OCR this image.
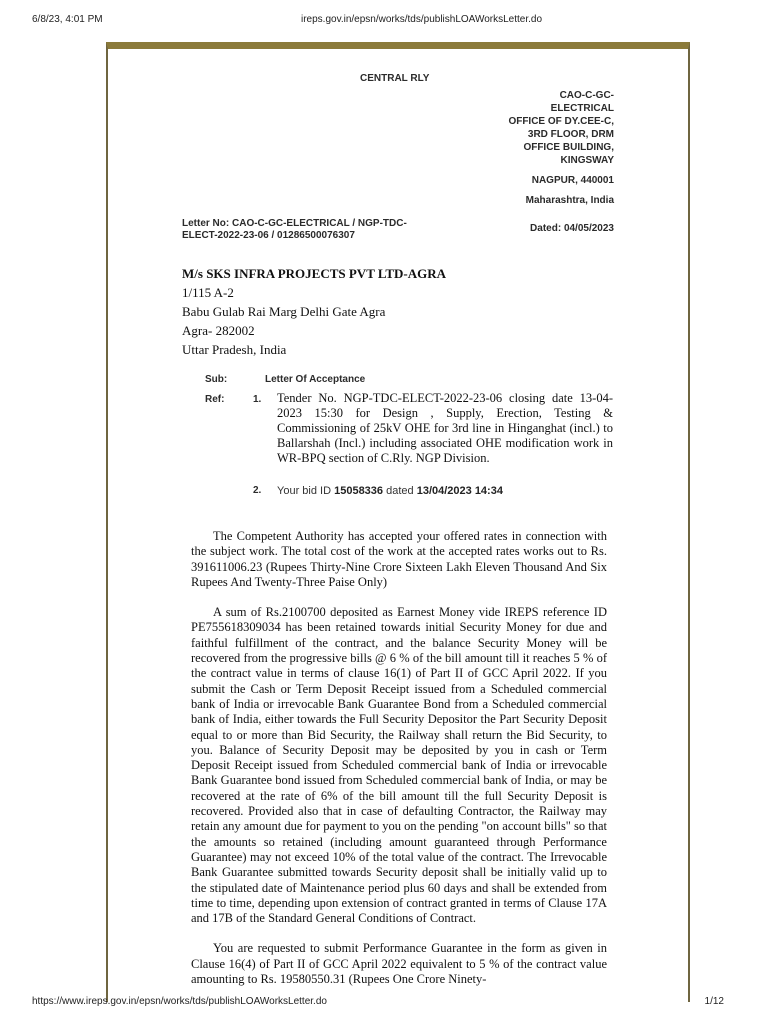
6/8/23, 4:01 PM	ireps.gov.in/epsn/works/tds/publishLOAWorksLetter.do
CENTRAL RLY
CAO-C-GC-
ELECTRICAL
OFFICE OF DY.CEE-C,
3RD FLOOR, DRM
OFFICE BUILDING,
KINGSWAY
NAGPUR, 440001
Maharashtra, India
Letter No: CAO-C-GC-ELECTRICAL / NGP-TDC-
ELECT-2022-23-06 / 01286500076307
Dated: 04/05/2023
M/s SKS INFRA PROJECTS PVT LTD-AGRA
1/115 A-2
Babu Gulab Rai Marg Delhi Gate Agra
Agra- 282002
Uttar Pradesh, India
Sub:	Letter Of Acceptance
Ref:	1. Tender No. NGP-TDC-ELECT-2022-23-06 closing date 13-04-2023 15:30 for Design , Supply, Erection, Testing & Commissioning of 25kV OHE for 3rd line in Hinganghat (incl.) to Ballarshah (Incl.) including associated OHE modification work in WR-BPQ section of C.Rly. NGP Division.
2. Your bid ID 15058336 dated 13/04/2023 14:34

The Competent Authority has accepted your offered rates in connection with the subject work. The total cost of the work at the accepted rates works out to Rs. 391611006.23 (Rupees Thirty-Nine Crore Sixteen Lakh Eleven Thousand And Six Rupees And Twenty-Three Paise Only)

A sum of Rs.2100700 deposited as Earnest Money vide IREPS reference ID PE755618309034 has been retained towards initial Security Money for due and faithful fulfillment of the contract, and the balance Security Money will be recovered from the progressive bills @ 6 % of the bill amount till it reaches 5 % of the contract value in terms of clause 16(1) of Part II of GCC April 2022. If you submit the Cash or Term Deposit Receipt issued from a Scheduled commercial bank of India or irrevocable Bank Guarantee Bond from a Scheduled commercial bank of India, either towards the Full Security Depositor the Part Security Deposit equal to or more than Bid Security, the Railway shall return the Bid Security, to you. Balance of Security Deposit may be deposited by you in cash or Term Deposit Receipt issued from Scheduled commercial bank of India or irrevocable Bank Guarantee bond issued from Scheduled commercial bank of India, or may be recovered at the rate of 6% of the bill amount till the full Security Deposit is recovered. Provided also that in case of defaulting Contractor, the Railway may retain any amount due for payment to you on the pending "on account bills" so that the amounts so retained (including amount guaranteed through Performance Guarantee) may not exceed 10% of the total value of the contract. The Irrevocable Bank Guarantee submitted towards Security deposit shall be initially valid up to the stipulated date of Maintenance period plus 60 days and shall be extended from time to time, depending upon extension of contract granted in terms of Clause 17A and 17B of the Standard General Conditions of Contract.

You are requested to submit Performance Guarantee in the form as given in Clause 16(4) of Part II of GCC April 2022 equivalent to 5 % of the contract value amounting to Rs. 19580550.31 (Rupees One Crore Ninety-

https://www.ireps.gov.in/epsn/works/tds/publishLOAWorksLetter.do	1/12
